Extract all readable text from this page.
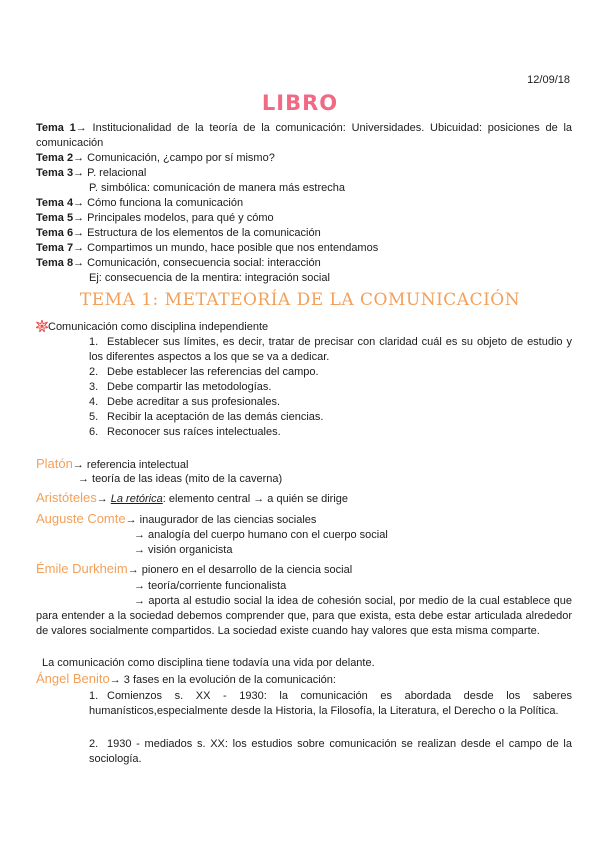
12/09/18
LIBRO
Tema 1→ Institucionalidad de la teoría de la comunicación: Universidades. Ubicuidad: posiciones de la comunicación
Tema 2→ Comunicación, ¿campo por sí mismo?
Tema 3→ P. relacional
P. simbólica: comunicación de manera más estrecha
Tema 4→ Cómo funciona la comunicación
Tema 5→ Principales modelos, para qué y cómo
Tema 6→ Estructura de los elementos de la comunicación
Tema 7→ Compartimos un mundo, hace posible que nos entendamos
Tema 8→ Comunicación, consecuencia social: interacción
Ej: consecuencia de la mentira: integración social
TEMA 1: METATEORÍA DE LA COMUNICACIÓN
Comunicación como disciplina independiente
1. Establecer sus límites, es decir, tratar de precisar con claridad cuál es su objeto de estudio y los diferentes aspectos a los que se va a dedicar.
2. Debe establecer las referencias del campo.
3. Debe compartir las metodologías.
4. Debe acreditar a sus profesionales.
5. Recibir la aceptación de las demás ciencias.
6. Reconocer sus raíces intelectuales.
Platón→ referencia intelectual
→ teoría de las ideas (mito de la caverna)
Aristóteles→ La retórica: elemento central → a quién se dirige
Auguste Comte→ inaugurador de las ciencias sociales
→ analogía del cuerpo humano con el cuerpo social
→ visión organicista
Émile Durkheim→ pionero en el desarrollo de la ciencia social
→ teoría/corriente funcionalista
→ aporta al estudio social la idea de cohesión social, por medio de la cual establece que para entender a la sociedad debemos comprender que, para que exista, esta debe estar articulada alrededor de valores socialmente compartidos. La sociedad existe cuando hay valores que esta misma comparte.
La comunicación como disciplina tiene todavía una vida por delante.
Ángel Benito→ 3 fases en la evolución de la comunicación:
1. Comienzos s. XX - 1930: la comunicación es abordada desde los saberes humanísticos,especialmente desde la Historia, la Filosofía, la Literatura, el Derecho o la Política.
2. 1930 - mediados s. XX: los estudios sobre comunicación se realizan desde el campo de la sociología.
